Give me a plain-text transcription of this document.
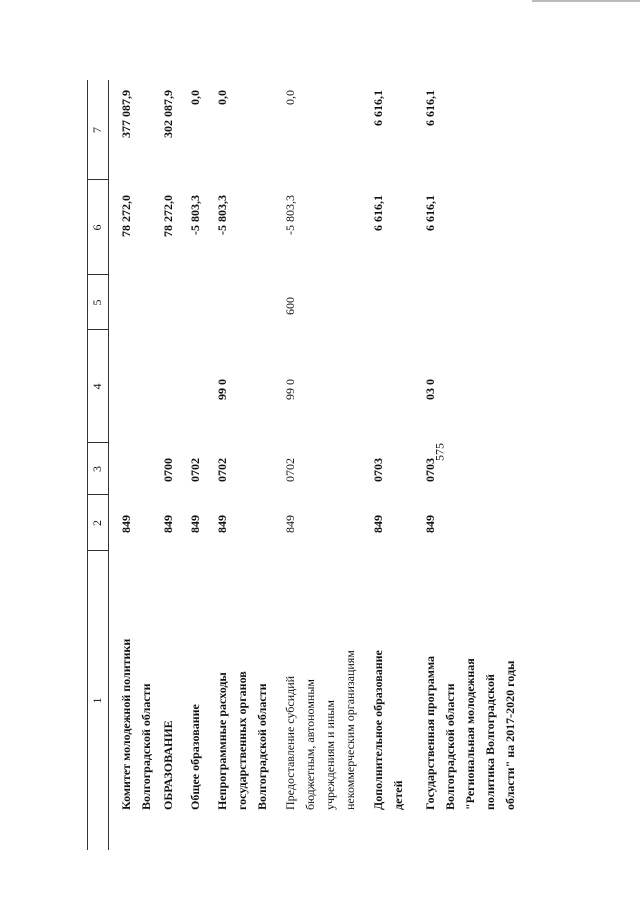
575
1
2
3
4
5
6
7
Комитет молодежной политики Волгоградской области
849
78 272,0
377 087,9
ОБРАЗОВАНИЕ
849
0700
78 272,0
302 087,9
Общее образование
849
0702
-5 803,3
0,0
Непрограммные расходы государственных органов Волгоградской области
849
0702
99 0
-5 803,3
0,0
Предоставление субсидий бюджетным, автономным учреждениям и иным некоммерческим организациям
849
0702
99 0
600
-5 803,3
0,0
Дополнительное образование детей
849
0703
6 616,1
6 616,1
Государственная программа Волгоградской области "Региональная молодежная политика Волгоградской области" на 2017-2020 годы
849
0703
03 0
6 616,1
6 616,1
